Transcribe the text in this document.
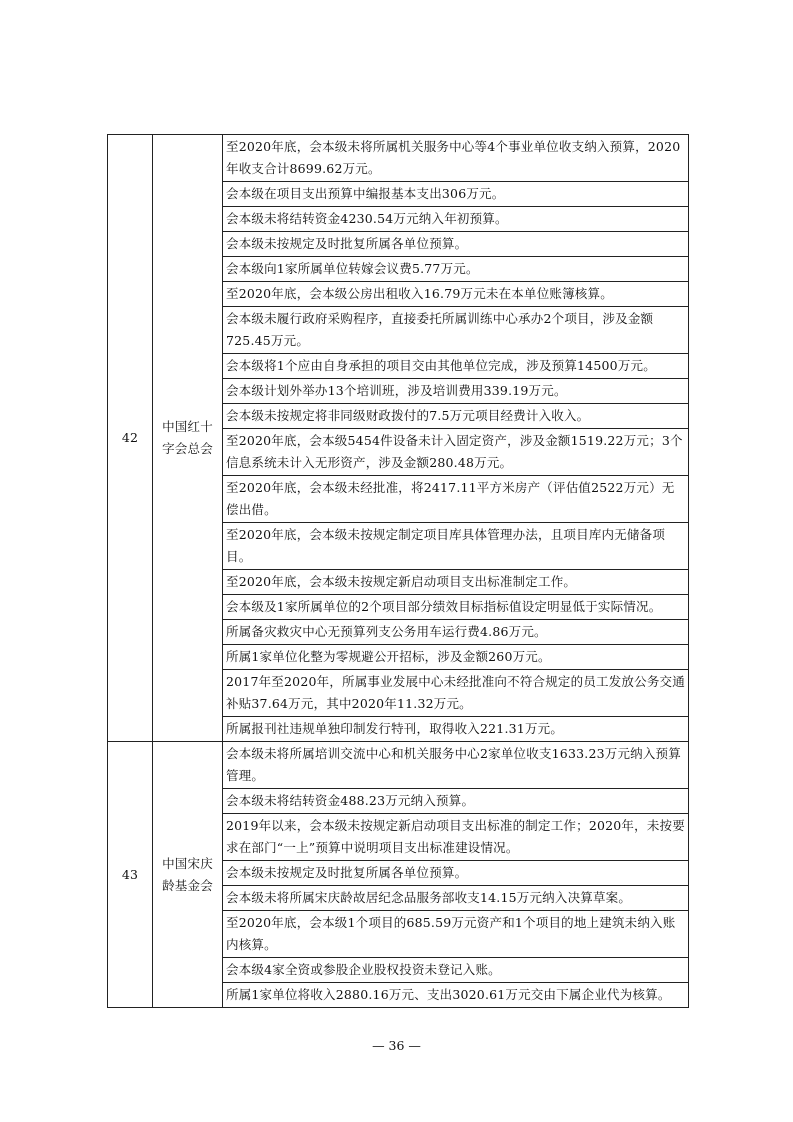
42	中国红十字会总会	至2020年底，会本级未将所属机关服务中心等4个事业单位收支纳入预算，2020年收支合计8699.62万元。
		会本级在项目支出预算中编报基本支出306万元。
		会本级未将结转资金4230.54万元纳入年初预算。
		会本级未按规定及时批复所属各单位预算。
		会本级向1家所属单位转嫁会议费5.77万元。
		至2020年底，会本级公房出租收入16.79万元未在本单位账簿核算。
		会本级未履行政府采购程序，直接委托所属训练中心承办2个项目，涉及金额725.45万元。
		会本级将1个应由自身承担的项目交由其他单位完成，涉及预算14500万元。
		会本级计划外举办13个培训班，涉及培训费用339.19万元。
		会本级未按规定将非同级财政拨付的7.5万元项目经费计入收入。
		至2020年底，会本级5454件设备未计入固定资产，涉及金额1519.22万元；3个信息系统未计入无形资产，涉及金额280.48万元。
		至2020年底，会本级未经批准，将2417.11平方米房产（评估值2522万元）无偿出借。
		至2020年底，会本级未按规定制定项目库具体管理办法，且项目库内无储备项目。
		至2020年底，会本级未按规定新启动项目支出标准制定工作。
		会本级及1家所属单位的2个项目部分绩效目标指标值设定明显低于实际情况。
		所属备灾救灾中心无预算列支公务用车运行费4.86万元。
		所属1家单位化整为零规避公开招标，涉及金额260万元。
		2017年至2020年，所属事业发展中心未经批准向不符合规定的员工发放公务交通补贴37.64万元，其中2020年11.32万元。
		所属报刊社违规单独印制发行特刊，取得收入221.31万元。
43	中国宋庆龄基金会	会本级未将所属培训交流中心和机关服务中心2家单位收支1633.23万元纳入预算管理。
		会本级未将结转资金488.23万元纳入预算。
		2019年以来，会本级未按规定新启动项目支出标准的制定工作；2020年，未按要求在部门“一上”预算中说明项目支出标准建设情况。
		会本级未按规定及时批复所属各单位预算。
		会本级未将所属宋庆龄故居纪念品服务部收支14.15万元纳入决算草案。
		至2020年底，会本级1个项目的685.59万元资产和1个项目的地上建筑未纳入账内核算。
		会本级4家全资或参股企业股权投资未登记入账。
		所属1家单位将收入2880.16万元、支出3020.61万元交由下属企业代为核算。
— 36 —
